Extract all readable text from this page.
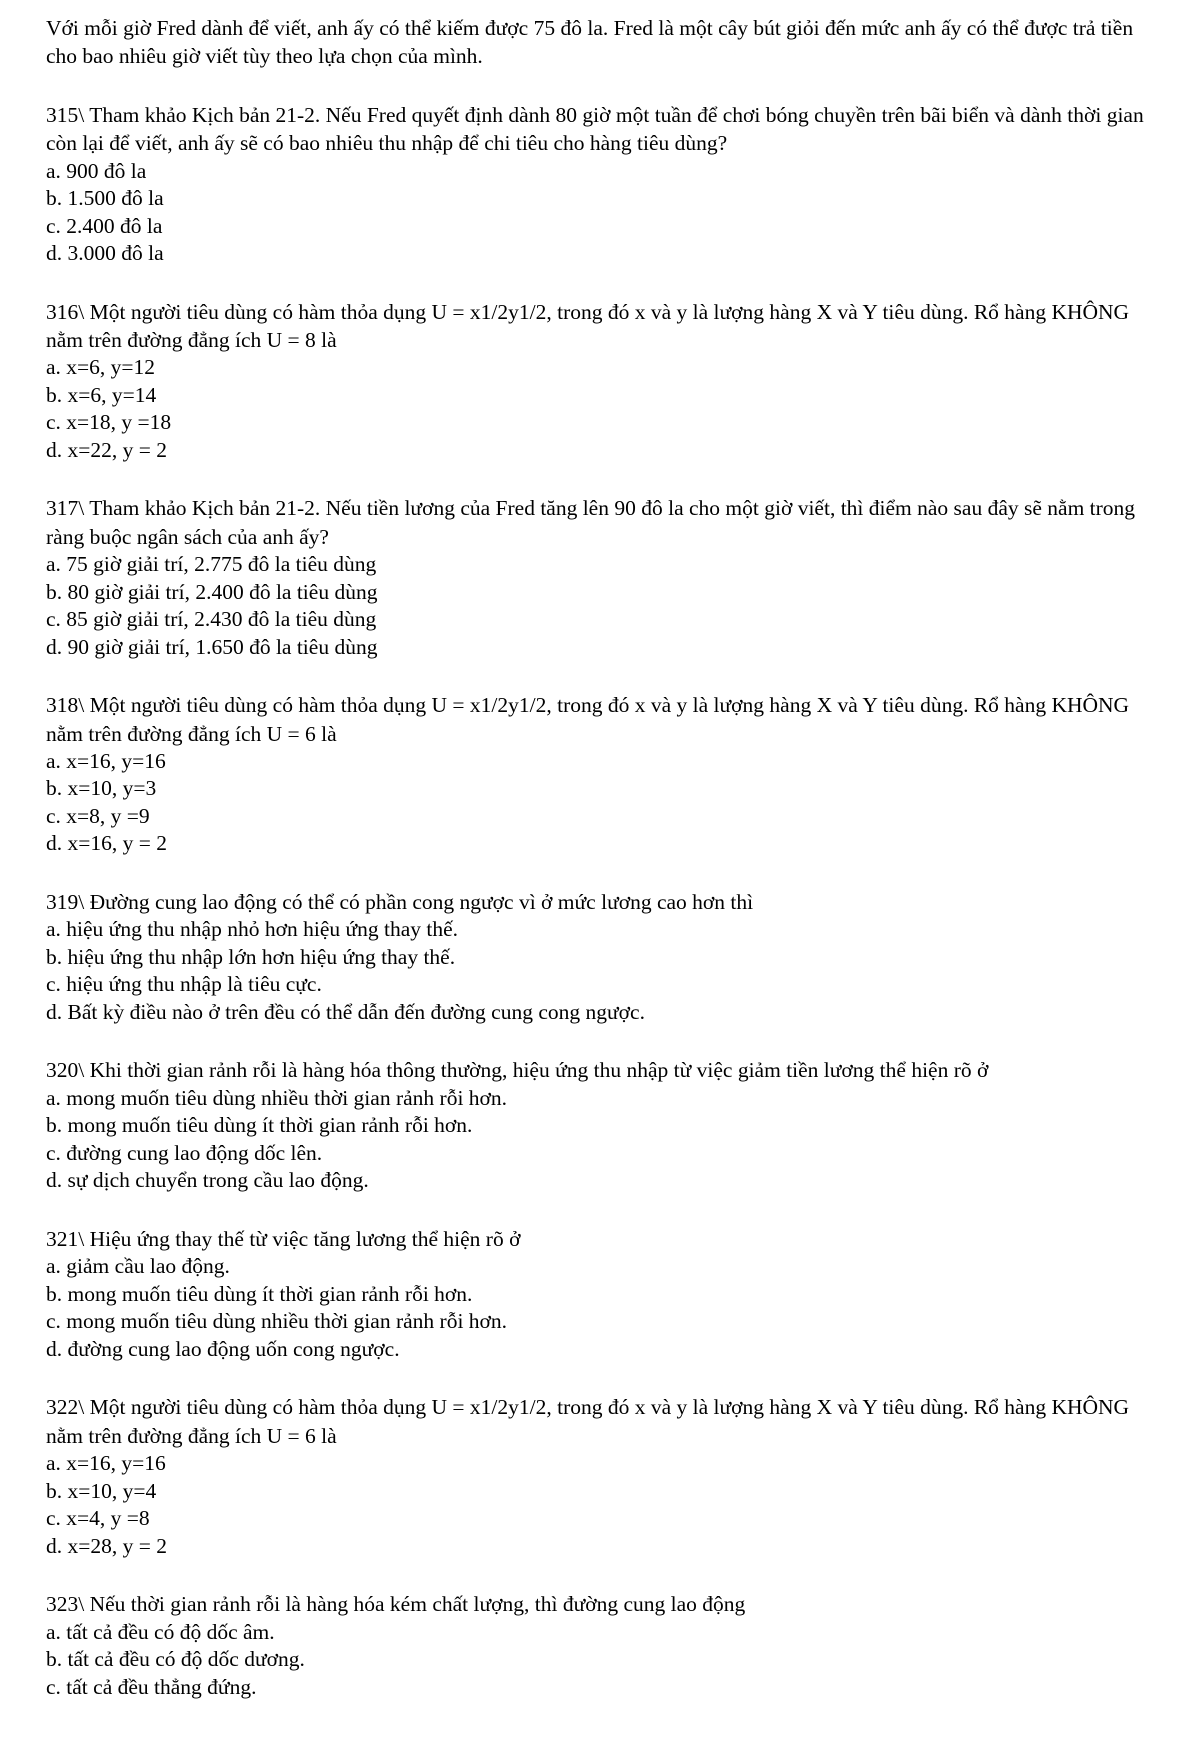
Với mỗi giờ Fred dành để viết, anh ấy có thể kiếm được 75 đô la. Fred là một cây bút giỏi đến mức anh ấy có thể được trả tiền cho bao nhiêu giờ viết tùy theo lựa chọn của mình.

315\ Tham khảo Kịch bản 21-2. Nếu Fred quyết định dành 80 giờ một tuần để chơi bóng chuyền trên bãi biển và dành thời gian còn lại để viết, anh ấy sẽ có bao nhiêu thu nhập để chi tiêu cho hàng tiêu dùng?

a. 900 đô la
b. 1.500 đô la
c. 2.400 đô la
d. 3.000 đô la

316\ Một người tiêu dùng có hàm thỏa dụng U = x1/2y1/2, trong đó x và y là lượng hàng X và Y tiêu dùng. Rổ hàng KHÔNG nằm trên đường đẳng ích U = 8 là

a. x=6, y=12
b. x=6, y=14
c. x=18, y =18
d. x=22, y = 2

317\ Tham khảo Kịch bản 21-2. Nếu tiền lương của Fred tăng lên 90 đô la cho một giờ viết, thì điểm nào sau đây sẽ nằm trong ràng buộc ngân sách của anh ấy?

a. 75 giờ giải trí, 2.775 đô la tiêu dùng
b. 80 giờ giải trí, 2.400 đô la tiêu dùng
c. 85 giờ giải trí, 2.430 đô la tiêu dùng
d. 90 giờ giải trí, 1.650 đô la tiêu dùng

318\ Một người tiêu dùng có hàm thỏa dụng U = x1/2y1/2, trong đó x và y là lượng hàng X và Y tiêu dùng. Rổ hàng KHÔNG nằm trên đường đẳng ích U = 6 là

a. x=16, y=16
b. x=10, y=3
c. x=8, y =9
d. x=16, y = 2

319\ Đường cung lao động có thể có phần cong ngược vì ở mức lương cao hơn thì

a. hiệu ứng thu nhập nhỏ hơn hiệu ứng thay thế.
b. hiệu ứng thu nhập lớn hơn hiệu ứng thay thế.
c. hiệu ứng thu nhập là tiêu cực.
d. Bất kỳ điều nào ở trên đều có thể dẫn đến đường cung cong ngược.

320\ Khi thời gian rảnh rỗi là hàng hóa thông thường, hiệu ứng thu nhập từ việc giảm tiền lương thể hiện rõ ở

a. mong muốn tiêu dùng nhiều thời gian rảnh rỗi hơn.
b. mong muốn tiêu dùng ít thời gian rảnh rỗi hơn.
c. đường cung lao động dốc lên.
d. sự dịch chuyển trong cầu lao động.

321\ Hiệu ứng thay thế từ việc tăng lương thể hiện rõ ở

a. giảm cầu lao động.
b. mong muốn tiêu dùng ít thời gian rảnh rỗi hơn.
c. mong muốn tiêu dùng nhiều thời gian rảnh rỗi hơn.
d. đường cung lao động uốn cong ngược.

322\ Một người tiêu dùng có hàm thỏa dụng U = x1/2y1/2, trong đó x và y là lượng hàng X và Y tiêu dùng. Rổ hàng KHÔNG nằm trên đường đẳng ích U = 6 là

a. x=16, y=16
b. x=10, y=4
c. x=4, y =8
d. x=28, y = 2

323\ Nếu thời gian rảnh rỗi là hàng hóa kém chất lượng, thì đường cung lao động

a. tất cả đều có độ dốc âm.
b. tất cả đều có độ dốc dương.
c. tất cả đều thẳng đứng.
